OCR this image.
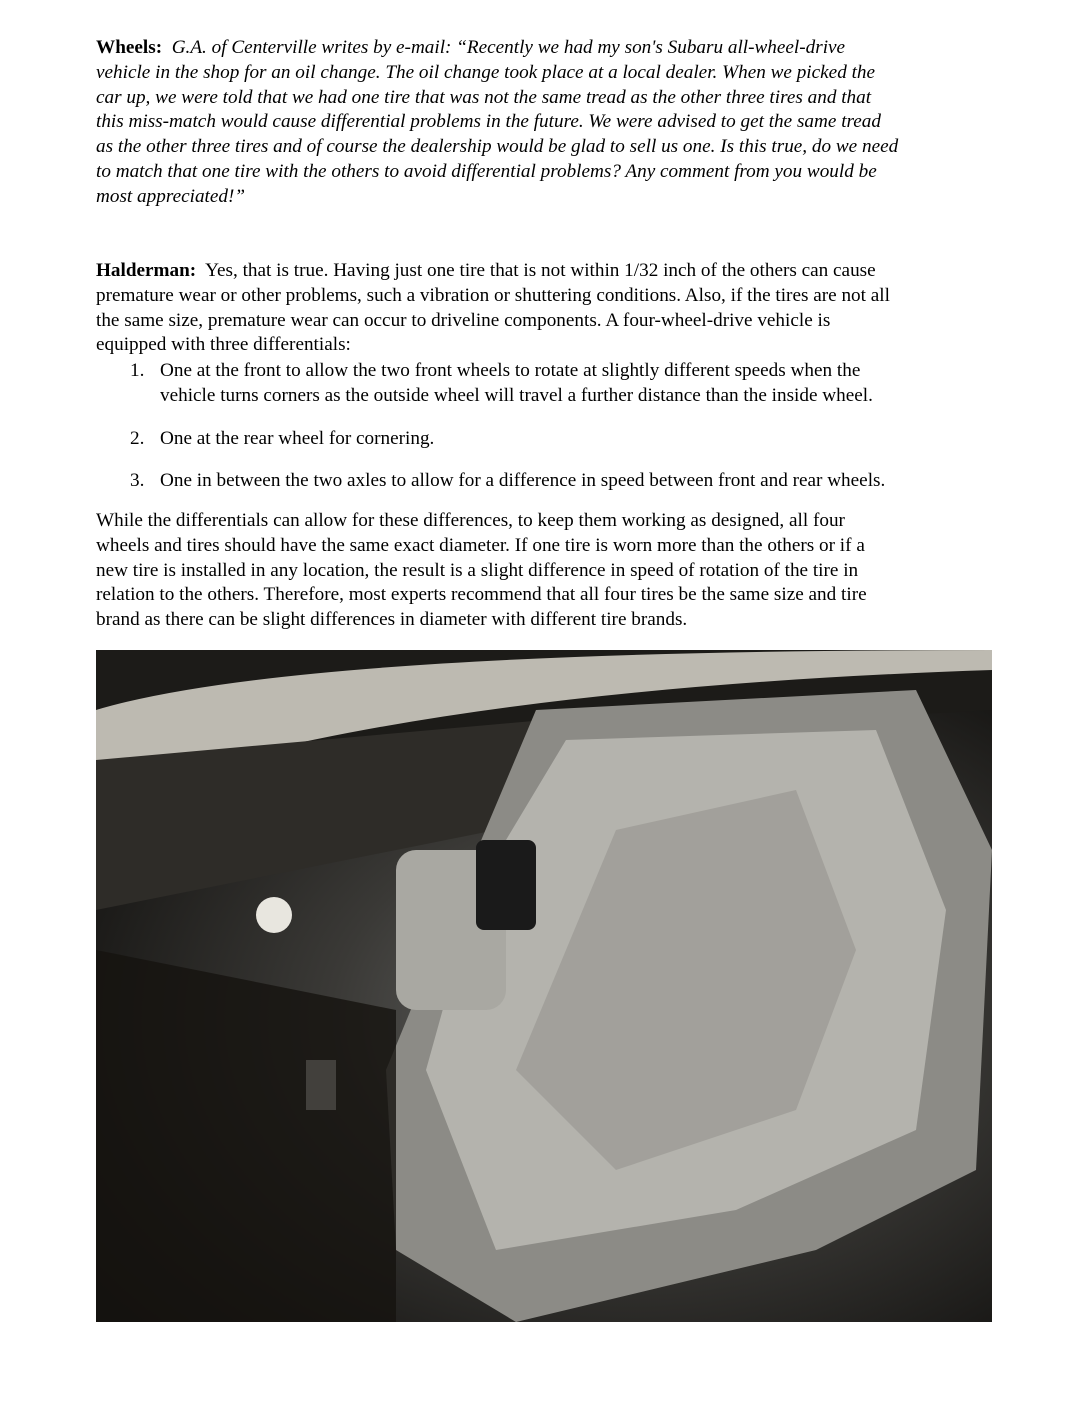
Wheels: G.A. of Centerville writes by e-mail: “Recently we had my son's Subaru all-wheel-drive
vehicle in the shop for an oil change. The oil change took place at a local dealer. When we picked the
car up, we were told that we had one tire that was not the same tread as the other three tires and that
this miss-match would cause differential problems in the future. We were advised to get the same tread
as the other three tires and of course the dealership would be glad to sell us one. Is this true, do we need
to match that one tire with the others to avoid differential problems? Any comment from you would be
most appreciated!”
Halderman: Yes, that is true. Having just one tire that is not within 1/32 inch of the others can cause
premature wear or other problems, such a vibration or shuttering conditions. Also, if the tires are not all
the same size, premature wear can occur to driveline components. A four-wheel-drive vehicle is
equipped with three differentials:
1. One at the front to allow the two front wheels to rotate at slightly different speeds when the
vehicle turns corners as the outside wheel will travel a further distance than the inside wheel.
2. One at the rear wheel for cornering.
3. One in between the two axles to allow for a difference in speed between front and rear wheels.
While the differentials can allow for these differences, to keep them working as designed, all four
wheels and tires should have the same exact diameter. If one tire is worn more than the others or if a
new tire is installed in any location, the result is a slight difference in speed of rotation of the tire in
relation to the others. Therefore, most experts recommend that all four tires be the same size and tire
brand as there can be slight differences in diameter with different tire brands.
